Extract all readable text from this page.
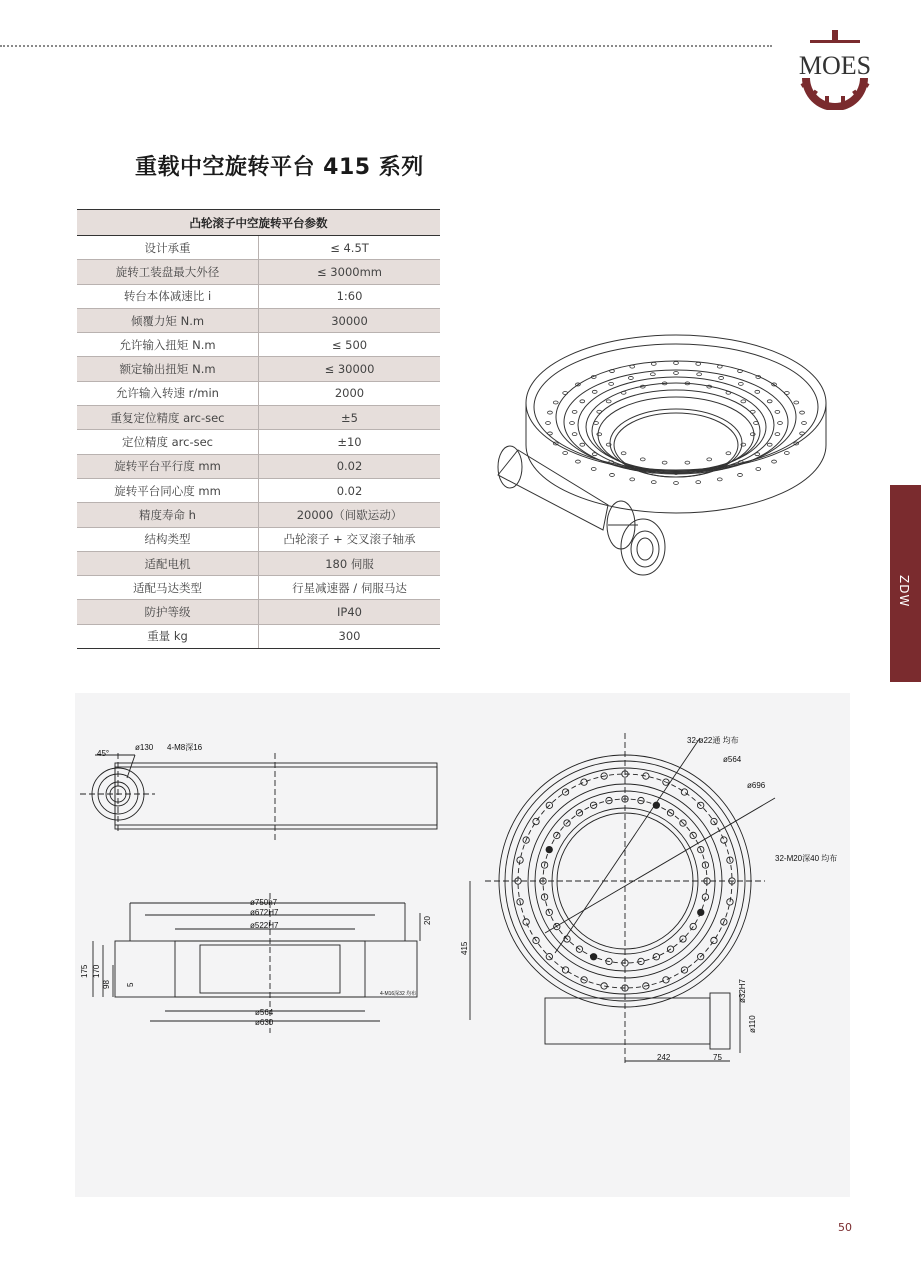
MOES
重载中空旋转平台 415 系列
凸轮滚子中空旋转平台参数	
设计承重	≤ 4.5T
旋转工装盘最大外径	≤ 3000mm
转台本体减速比 i	1:60
倾覆力矩 N.m	30000
允许输入扭矩 N.m	≤ 500
额定输出扭矩 N.m	≤ 30000
允许输入转速 r/min	2000
重复定位精度 arc-sec	±5
定位精度 arc-sec	±10
旋转平台平行度 mm	0.02
旋转平台同心度 mm	0.02
精度寿命 h	20000（间歇运动）
结构类型	凸轮滚子 + 交叉滚子轴承
适配电机	180 伺服
适配马达类型	行星减速器 / 伺服马达
防护等级	IP40
重量 kg	300
ZDW
45°
ø130 4-M8深16
ø750h7
ø672H7
ø522H7
ø564
ø630
4-M16深32 均布
175 170
98 5
20
32-ø22通 均布
ø564
ø696
32-M20深40 均布
415
242	75
ø32H7
ø110
50
